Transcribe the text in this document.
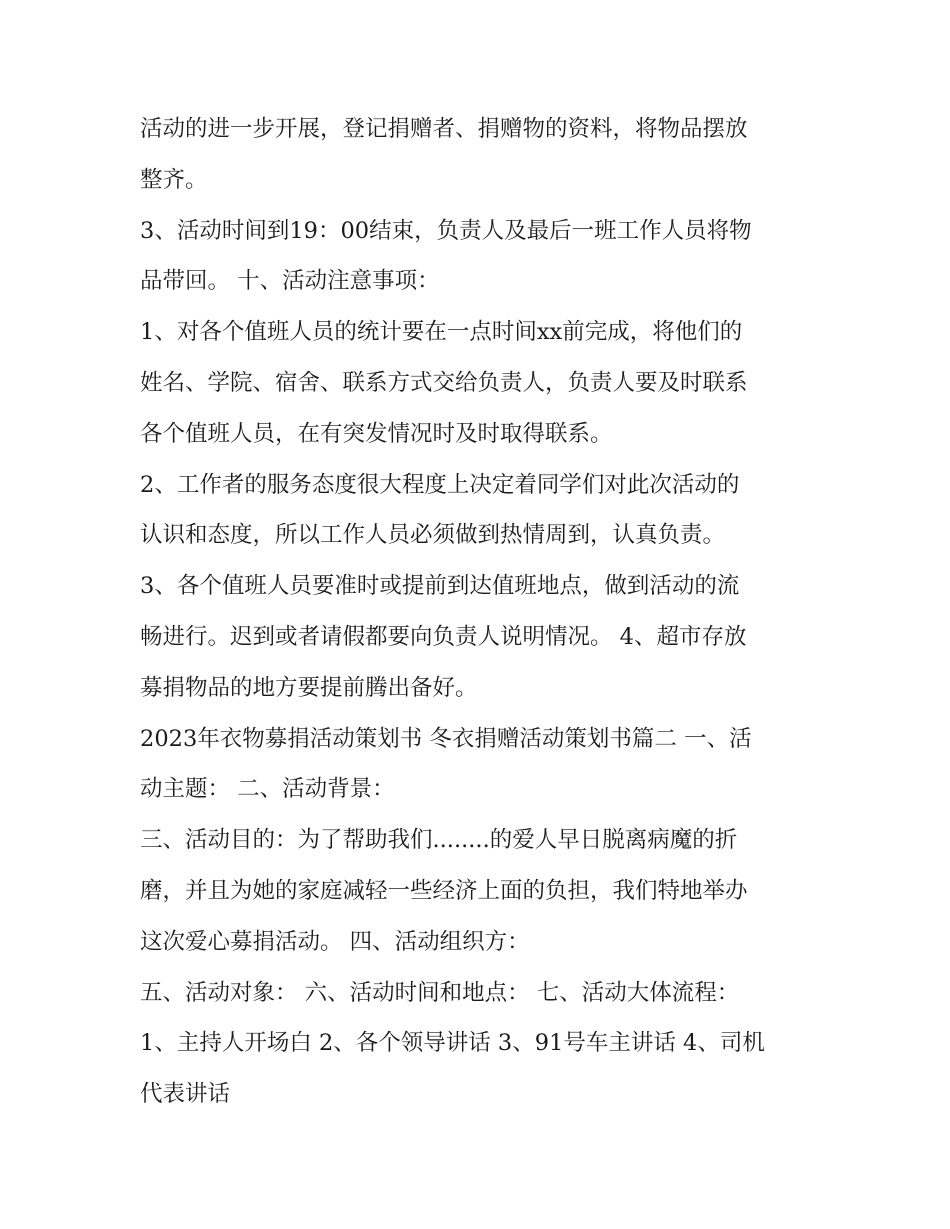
活动的进一步开展，登记捐赠者、捐赠物的资料，将物品摆放
整齐。

3、活动时间到19：00结束，负责人及最后一班工作人员将物
品带回。 十、活动注意事项：

1、对各个值班人员的统计要在一点时间xx前完成，将他们的
姓名、学院、宿舍、联系方式交给负责人，负责人要及时联系
各个值班人员，在有突发情况时及时取得联系。

2、工作者的服务态度很大程度上决定着同学们对此次活动的
认识和态度，所以工作人员必须做到热情周到，认真负责。

3、各个值班人员要准时或提前到达值班地点，做到活动的流
畅进行。迟到或者请假都要向负责人说明情况。 4、超市存放
募捐物品的地方要提前腾出备好。

2023年衣物募捐活动策划书 冬衣捐赠活动策划书篇二 一、活
动主题： 二、活动背景：

三、活动目的：为了帮助我们........的爱人早日脱离病魔的折
磨，并且为她的家庭减轻一些经济上面的负担，我们特地举办
这次爱心募捐活动。 四、活动组织方：

五、活动对象： 六、活动时间和地点： 七、活动大体流程：

1、主持人开场白 2、各个领导讲话 3、91号车主讲话 4、司机
代表讲话
